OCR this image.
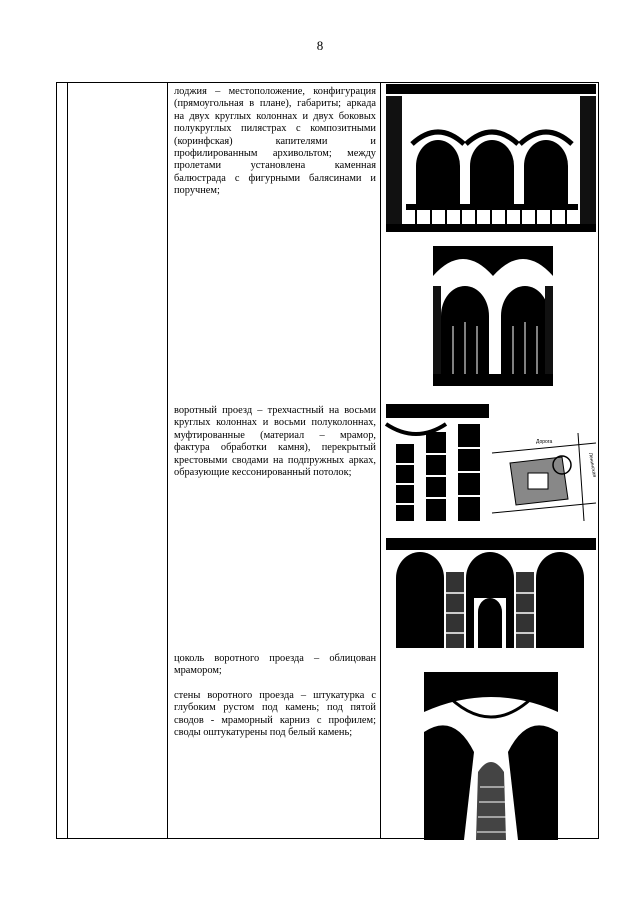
8

лоджия – местоположение, конфигурация (прямоугольная в плане), габариты; аркада на двух круглых колоннах и двух боковых полукруглых пилястрах с композитными (коринфская) капителями и профилированным архивольтом; между пролетами установлена каменная балюстрада с фигурными балясинами и поручнем;

воротный проезд – трехчастный на восьми круглых колоннах и восьми полуколоннах, муфтированные (материал – мрамор, фактура обработки камня), перекрытый крестовыми сводами на подпружных арках, образующие кессонированный потолок;

цоколь воротного проезда – облицован мрамором;

стены воротного проезда – штукатурка с глубоким рустом под камень; под пятой сводов - мраморный карниз с профилем; своды оштукатурены под белый камень;

Дорога
Ленинская
